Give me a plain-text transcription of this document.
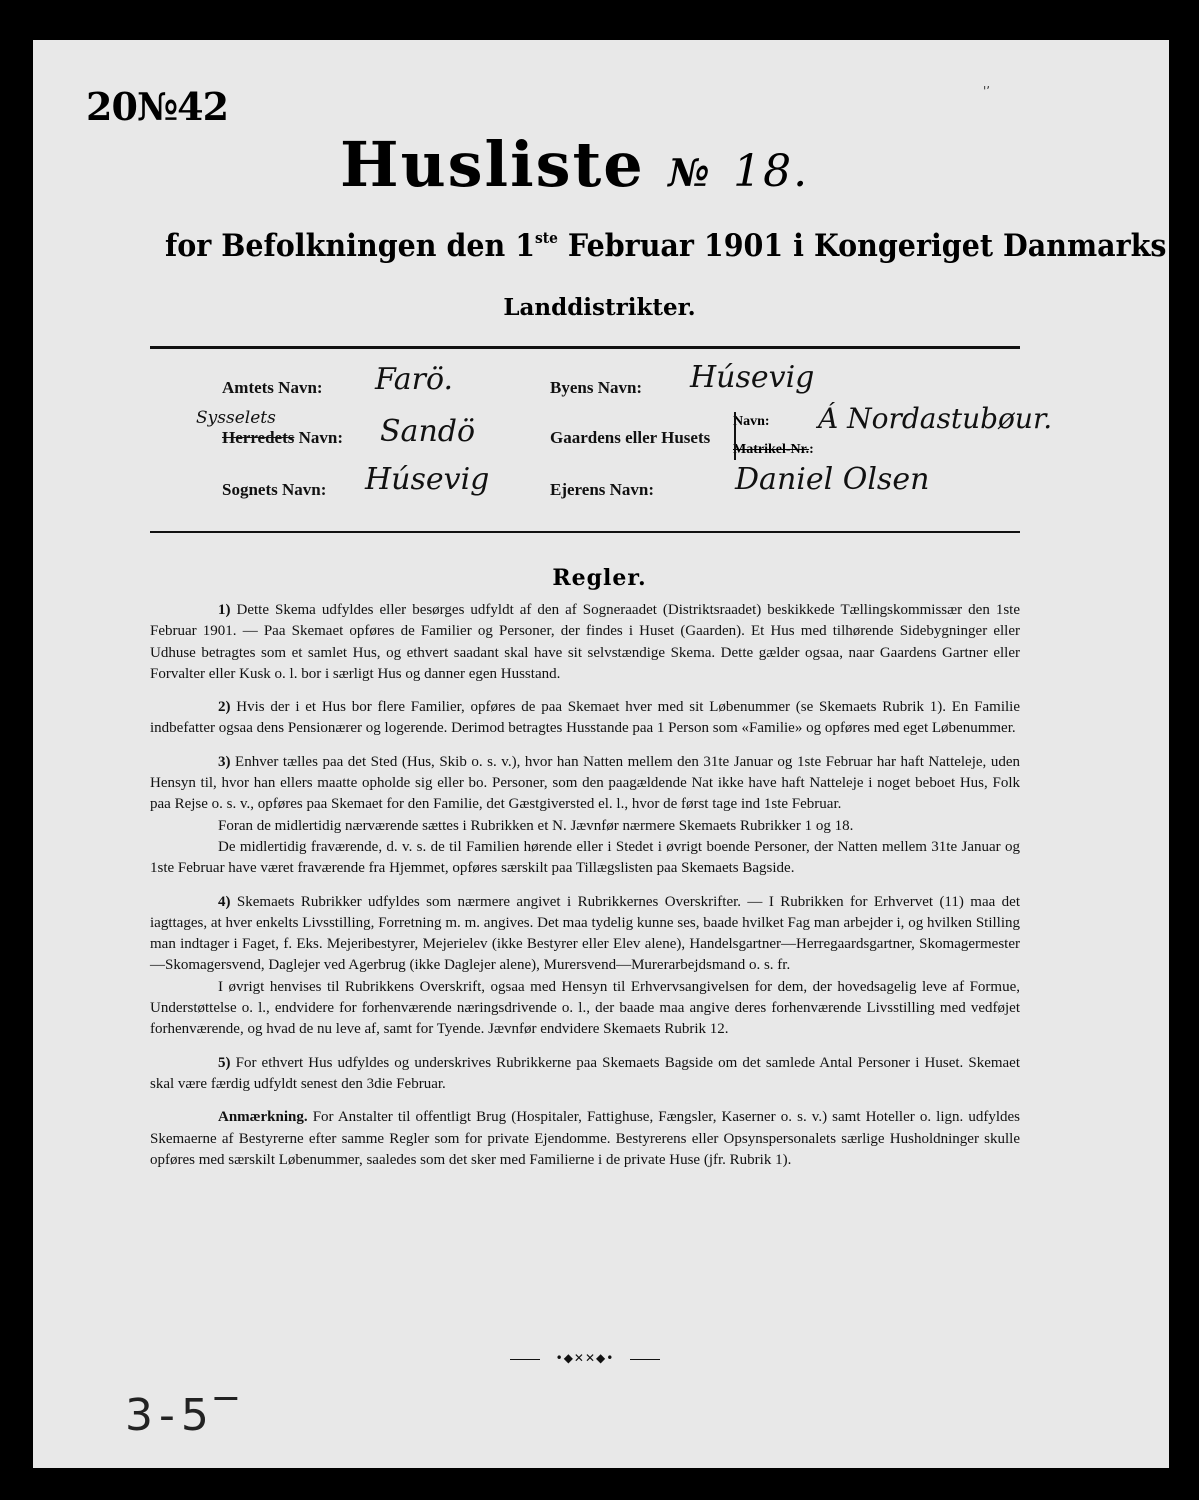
20№42	'ʼ
Husliste № 18.
for Befolkningen den 1ste Februar 1901 i Kongeriget Danmarks
Landdistrikter.
Amtets Navn: Farö.
Sysselets
Herredets Navn: Sandö
Sognets Navn: Húsevig
Byens Navn: Húsevig
Gaardens eller Husets
Navn:
Matrikel-Nr.:
Á Nordastubøur.
Ejerens Navn:	Daniel Olsen
Regler.

1) Dette Skema udfyldes eller besørges udfyldt af den af Sogneraadet (Distriktsraadet) beskikkede Tællingskommissær den 1ste Februar 1901. — Paa Skemaet opføres de Familier og Personer, der findes i Huset (Gaarden). Et Hus med tilhørende Sidebygninger eller Udhuse betragtes som et samlet Hus, og ethvert saadant skal have sit selvstændige Skema. Dette gælder ogsaa, naar Gaardens Gartner eller Forvalter eller Kusk o. l. bor i særligt Hus og danner egen Husstand.

2) Hvis der i et Hus bor flere Familier, opføres de paa Skemaet hver med sit Løbenummer (se Skemaets Rubrik 1). En Familie indbefatter ogsaa dens Pensionærer og logerende. Derimod betragtes Husstande paa 1 Person som «Familie» og opføres med eget Løbenummer.

3) Enhver tælles paa det Sted (Hus, Skib o. s. v.), hvor han Natten mellem den 31te Januar og 1ste Februar har haft Natteleje, uden Hensyn til, hvor han ellers maatte opholde sig eller bo. Personer, som den paagældende Nat ikke have haft Natteleje i noget beboet Hus, Folk paa Rejse o. s. v., opføres paa Skemaet for den Familie, det Gæstgiversted el. l., hvor de først tage ind 1ste Februar.

Foran de midlertidig nærværende sættes i Rubrikken et N. Jævnfør nærmere Skemaets Rubrikker 1 og 18.

De midlertidig fraværende, d. v. s. de til Familien hørende eller i Stedet i øvrigt boende Personer, der Natten mellem 31te Januar og 1ste Februar have været fraværende fra Hjemmet, opføres særskilt paa Tillægslisten paa Skemaets Bagside.

4) Skemaets Rubrikker udfyldes som nærmere angivet i Rubrikkernes Overskrifter. — I Rubrikken for Erhvervet (11) maa det iagttages, at hver enkelts Livsstilling, Forretning m. m. angives. Det maa tydelig kunne ses, baade hvilket Fag man arbejder i, og hvilken Stilling man indtager i Faget, f. Eks. Mejeribestyrer, Mejerielev (ikke Bestyrer eller Elev alene), Handelsgartner—Herregaardsgartner, Skomagermester—Skomagersvend, Daglejer ved Agerbrug (ikke Daglejer alene), Murersvend—Murerarbejdsmand o. s. fr.

I øvrigt henvises til Rubrikkens Overskrift, ogsaa med Hensyn til Erhvervsangivelsen for dem, der hovedsagelig leve af Formue, Understøttelse o. l., endvidere for forhenværende næringsdrivende o. l., der baade maa angive deres forhenværende Livsstilling med vedføjet forhenværende, og hvad de nu leve af, samt for Tyende. Jævnfør endvidere Skemaets Rubrik 12.

5) For ethvert Hus udfyldes og underskrives Rubrikkerne paa Skemaets Bagside om det samlede Antal Personer i Huset. Skemaet skal være færdig udfyldt senest den 3die Februar.

Anmærkning. For Anstalter til offentligt Brug (Hospitaler, Fattighuse, Fængsler, Kaserner o. s. v.) samt Hoteller o. lign. udfyldes Skemaerne af Bestyrerne efter samme Regler som for private Ejendomme. Bestyrerens eller Opsynspersonalets særlige Husholdninger skulle opføres med særskilt Løbenummer, saaledes som det sker med Familierne i de private Huse (jfr. Rubrik 1).

•◆✕✕◆•
3-5‾
